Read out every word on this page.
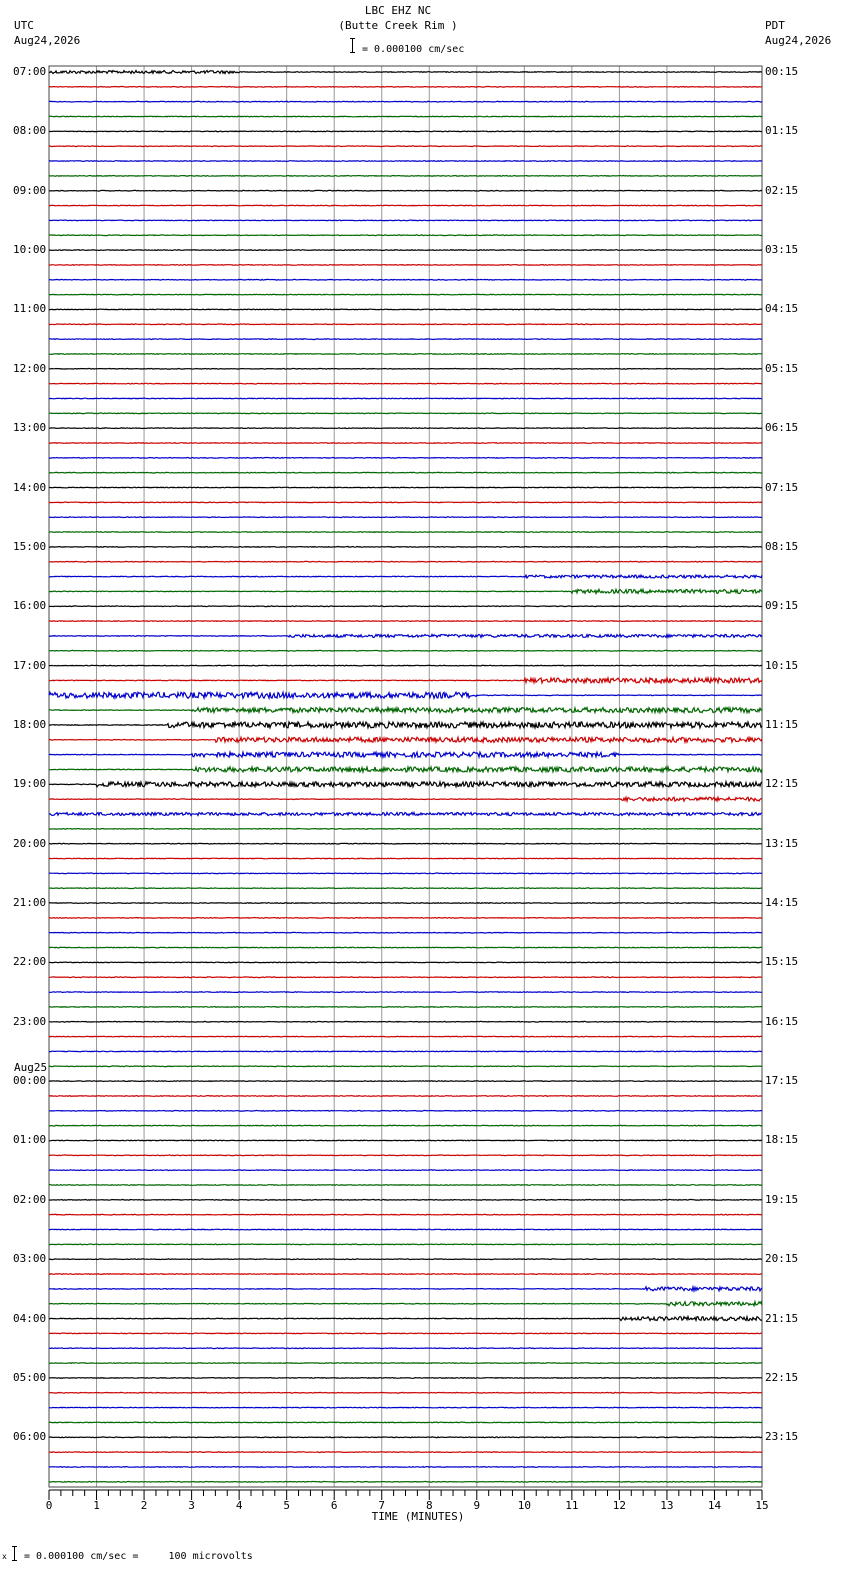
UTC
Aug24,2026
LBC EHZ NC
(Butte Creek Rim )
= 0.000100 cm/sec
PDT
Aug24,2026
07:00
08:00
09:00
10:00
11:00
12:00
13:00
14:00
15:00
16:00
17:00
18:00
19:00
20:00
21:00
22:00
23:00
00:00
01:00
02:00
03:00
04:00
05:00
06:00
00:15
01:15
02:15
03:15
04:15
05:15
06:15
07:15
08:15
09:15
10:15
11:15
12:15
13:15
14:15
15:15
16:15
17:15
18:15
19:15
20:15
21:15
22:15
23:15
Aug25
0	1	2	3	4	5	6	7	8	9	10	11	12	13	14	15
TIME (MINUTES)
x = 0.000100 cm/sec =     100 microvolts
